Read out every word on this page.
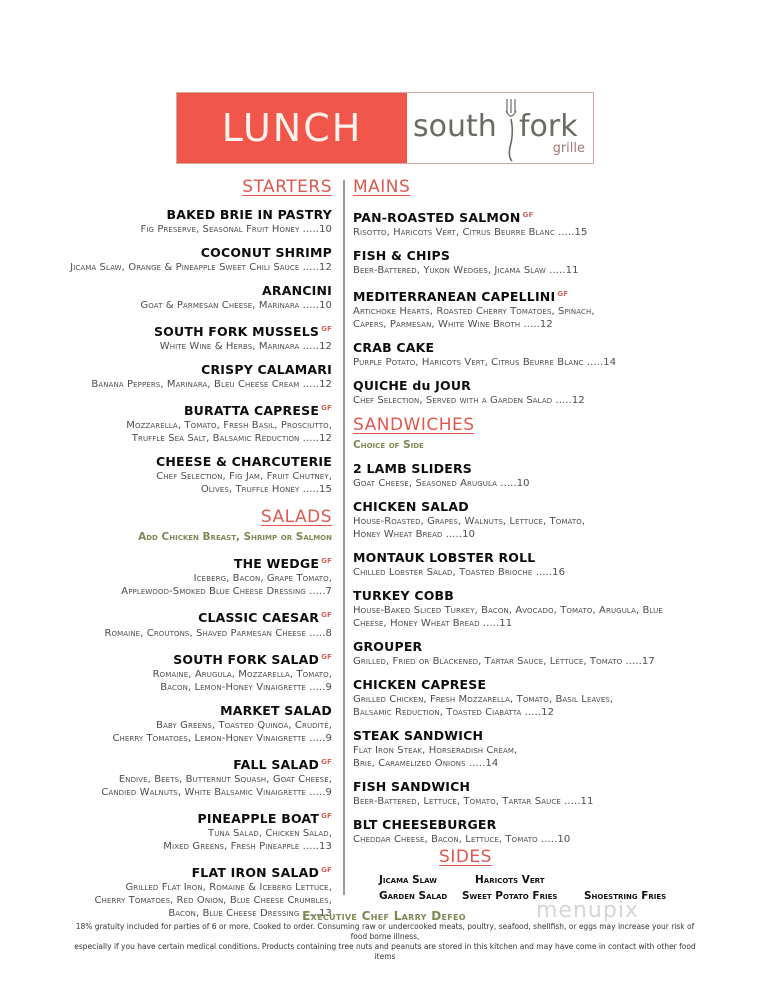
LUNCH south fork
grille
STARTERS
BAKED BRIE IN PASTRY
Fig Preserve, Seasonal Fruit Honey .....10
COCONUT SHRIMP
Jicama Slaw, Orange & Pineapple Sweet Chili Sauce .....12
ARANCINI
Goat & Parmesan Cheese, Marinara .....10
SOUTH FORK MUSSELS $^{GF}$
White Wine & Herbs, Marinara .....12
CRISPY CALAMARI
Banana Peppers, Marinara, Bleu Cheese Cream .....12
BURATTA CAPRESE $^{GF}$
Mozzarella, Tomato, Fresh Basil, Prosciutto,
Truffle Sea Salt, Balsamic Reduction .....12
CHEESE & CHARCUTERIE
Chef Selection, Fig Jam, Fruit Chutney,
Olives, Truffle Honey .....15
SALADS
Add Chicken Breast, Shrimp or Salmon
THE WEDGE $^{GF}$
Iceberg, Bacon, Grape Tomato,
Applewood-Smoked Blue Cheese Dressing .....7
CLASSIC CAESAR $^{GF}$
Romaine, Croutons, Shaved Parmesan Cheese .....8
SOUTH FORK SALAD $^{GF}$
Romaine, Arugula, Mozzarella, Tomato,
Bacon, Lemon-Honey Vinaigrette .....9
MARKET SALAD
Baby Greens, Toasted Quinoa, Crudité,
Cherry Tomatoes, Lemon-Honey Vinaigrette .....9
FALL SALAD $^{GF}$
Endive, Beets, Butternut Squash, Goat Cheese,
Candied Walnuts, White Balsamic Vinaigrette .....9
PINEAPPLE BOAT $^{GF}$
Tuna Salad, Chicken Salad,
Mixed Greens, Fresh Pineapple .....13
FLAT IRON SALAD $^{GF}$
Grilled Flat Iron, Romaine & Iceberg Lettuce,
Cherry Tomatoes, Red Onion, Blue Cheese Crumbles,
Bacon, Blue Cheese Dressing .....13
MAINS
PAN-ROASTED SALMON $^{GF}$
Risotto, Haricots Vert, Citrus Beurre Blanc .....15
FISH & CHIPS
Beer-Battered, Yukon Wedges, Jicama Slaw .....11
MEDITERRANEAN CAPELLINI $^{GF}$
Artichoke Hearts, Roasted Cherry Tomatoes, Spinach,
Capers, Parmesan, White Wine Broth .....12
CRAB CAKE
Purple Potato, Haricots Vert, Citrus Beurre Blanc .....14
QUICHE du JOUR
Chef Selection, Served with a Garden Salad .....12
SANDWICHES
Choice of Side
2 LAMB SLIDERS
Goat Cheese, Seasoned Arugula .....10
CHICKEN SALAD
House-Roasted, Grapes, Walnuts, Lettuce, Tomato,
Honey Wheat Bread .....10
MONTAUK LOBSTER ROLL
Chilled Lobster Salad, Toasted Brioche .....16
TURKEY COBB
House-Baked Sliced Turkey, Bacon, Avocado, Tomato, Arugula, Blue
Cheese, Honey Wheat Bread .....11
GROUPER
Grilled, Fried or Blackened, Tartar Sauce, Lettuce, Tomato .....17
CHICKEN CAPRESE
Grilled Chicken, Fresh Mozzarella, Tomato, Basil Leaves,
Balsamic Reduction, Toasted Ciabatta .....12
STEAK SANDWICH
Flat Iron Steak, Horseradish Cream,
Brie, Caramelized Onions .....14
FISH SANDWICH
Beer-Battered, Lettuce, Tomato, Tartar Sauce .....11
BLT CHEESEBURGER
Cheddar Cheese, Bacon, Lettuce, Tomato .....10
SIDES
Jicama Slaw	Haricots Vert
Garden Salad Sweet Potato Fries	Shoestring Fries
menupix
Executive Chef Larry Defeo
18% gratuity included for parties of 6 or more. Cooked to order. Consuming raw or undercooked meats, poultry, seafood, shellfish, or eggs may increase your risk of food borne illness,
especially if you have certain medical conditions. Products containing tree nuts and peanuts are stored in this kitchen and may have come in contact with other food items
